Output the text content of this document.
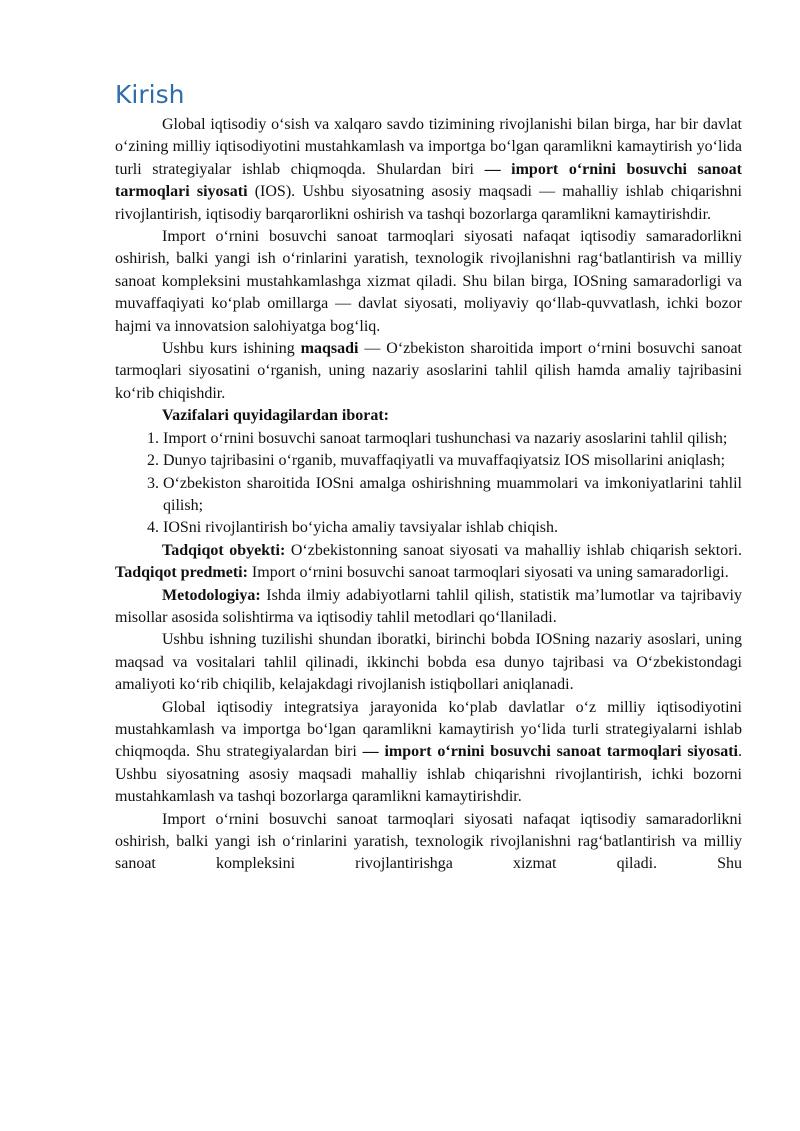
Kirish

Global iqtisodiy o‘sish va xalqaro savdo tizimining rivojlanishi bilan birga, har bir davlat o‘zining milliy iqtisodiyotini mustahkamlash va importga bo‘lgan qaramlikni kamaytirish yo‘lida turli strategiyalar ishlab chiqmoqda. Shulardan biri — import o‘rnini bosuvchi sanoat tarmoqlari siyosati (IOS). Ushbu siyosatning asosiy maqsadi — mahalliy ishlab chiqarishni rivojlantirish, iqtisodiy barqarorlikni oshirish va tashqi bozorlarga qaramlikni kamaytirishdir.

Import o‘rnini bosuvchi sanoat tarmoqlari siyosati nafaqat iqtisodiy samaradorlikni oshirish, balki yangi ish o‘rinlarini yaratish, texnologik rivojlanishni rag‘batlantirish va milliy sanoat kompleksini mustahkamlashga xizmat qiladi. Shu bilan birga, IOSning samaradorligi va muvaffaqiyati ko‘plab omillarga — davlat siyosati, moliyaviy qo‘llab-quvvatlash, ichki bozor hajmi va innovatsion salohiyatga bog‘liq.

Ushbu kurs ishining maqsadi — O‘zbekiston sharoitida import o‘rnini bosuvchi sanoat tarmoqlari siyosatini o‘rganish, uning nazariy asoslarini tahlil qilish hamda amaliy tajribasini ko‘rib chiqishdir.

Vazifalari quyidagilardan iborat:

1. Import o‘rnini bosuvchi sanoat tarmoqlari tushunchasi va nazariy asoslarini tahlil qilish;
2. Dunyo tajribasini o‘rganib, muvaffaqiyatli va muvaffaqiyatsiz IOS misollarini aniqlash;
3. O‘zbekiston sharoitida IOSni amalga oshirishning muammolari va imkoniyatlarini tahlil qilish;
4. IOSni rivojlantirish bo‘yicha amaliy tavsiyalar ishlab chiqish.

Tadqiqot obyekti: O‘zbekistonning sanoat siyosati va mahalliy ishlab chiqarish sektori.

Tadqiqot predmeti: Import o‘rnini bosuvchi sanoat tarmoqlari siyosati va uning samaradorligi.

Metodologiya: Ishda ilmiy adabiyotlarni tahlil qilish, statistik ma’lumotlar va tajribaviy misollar asosida solishtirma va iqtisodiy tahlil metodlari qo‘llaniladi.

Ushbu ishning tuzilishi shundan iboratki, birinchi bobda IOSning nazariy asoslari, uning maqsad va vositalari tahlil qilinadi, ikkinchi bobda esa dunyo tajribasi va O‘zbekistondagi amaliyoti ko‘rib chiqilib, kelajakdagi rivojlanish istiqbollari aniqlanadi.

Global iqtisodiy integratsiya jarayonida ko‘plab davlatlar o‘z milliy iqtisodiyotini mustahkamlash va importga bo‘lgan qaramlikni kamaytirish yo‘lida turli strategiyalarni ishlab chiqmoqda. Shu strategiyalardan biri — import o‘rnini bosuvchi sanoat tarmoqlari siyosati. Ushbu siyosatning asosiy maqsadi mahalliy ishlab chiqarishni rivojlantirish, ichki bozorni mustahkamlash va tashqi bozorlarga qaramlikni kamaytirishdir.

Import o‘rnini bosuvchi sanoat tarmoqlari siyosati nafaqat iqtisodiy samaradorlikni oshirish, balki yangi ish o‘rinlarini yaratish, texnologik rivojlanishni rag‘batlantirish va milliy sanoat kompleksini rivojlantirishga xizmat qiladi. Shu
